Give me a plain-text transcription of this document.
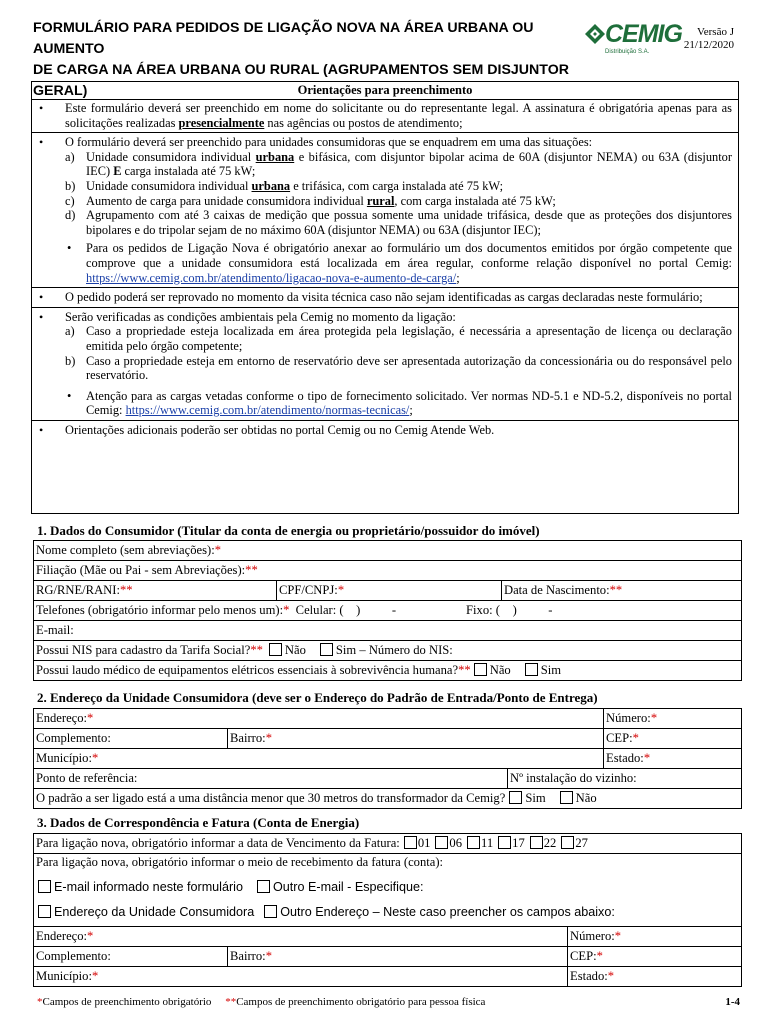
FORMULÁRIO PARA PEDIDOS DE LIGAÇÃO NOVA NA ÁREA URBANA OU AUMENTO
DE CARGA NA ÁREA URBANA OU RURAL (AGRUPAMENTOS SEM DISJUNTOR GERAL)
CEMIG
Distribuição S.A.
Versão J
21/12/2020
Orientações para preenchimento
• Este formulário deverá ser preenchido em nome do solicitante ou do representante legal. A assinatura é obrigatória apenas para as solicitações realizadas presencialmente nas agências ou postos de atendimento;
• O formulário deverá ser preenchido para unidades consumidoras que se enquadrem em uma das situações:
a) Unidade consumidora individual urbana e bifásica, com disjuntor bipolar acima de 60A (disjuntor NEMA) ou 63A (disjuntor IEC) E carga instalada até 75 kW;
b) Unidade consumidora individual urbana e trifásica, com carga instalada até 75 kW;
c) Aumento de carga para unidade consumidora individual rural, com carga instalada até 75 kW;
d) Agrupamento com até 3 caixas de medição que possua somente uma unidade trifásica, desde que as proteções dos disjuntores bipolares e do tripolar sejam de no máximo 60A (disjuntor NEMA) ou 63A (disjuntor IEC);
• Para os pedidos de Ligação Nova é obrigatório anexar ao formulário um dos documentos emitidos por órgão competente que comprove que a unidade consumidora está localizada em área regular, conforme relação disponível no portal Cemig: https://www.cemig.com.br/atendimento/ligacao-nova-e-aumento-de-carga/;
• O pedido poderá ser reprovado no momento da visita técnica caso não sejam identificadas as cargas declaradas neste formulário;
• Serão verificadas as condições ambientais pela Cemig no momento da ligação:
a) Caso a propriedade esteja localizada em área protegida pela legislação, é necessária a apresentação de licença ou declaração emitida pelo órgão competente;
b) Caso a propriedade esteja em entorno de reservatório deve ser apresentada autorização da concessionária ou do responsável pelo reservatório.
• Atenção para as cargas vetadas conforme o tipo de fornecimento solicitado. Ver normas ND-5.1 e ND-5.2, disponíveis no portal Cemig: https://www.cemig.com.br/atendimento/normas-tecnicas/;
• Orientações adicionais poderão ser obtidas no portal Cemig ou no Cemig Atende Web.
1. Dados do Consumidor (Titular da conta de energia ou proprietário/possuidor do imóvel)
Nome completo (sem abreviações):*
Filiação (Mãe ou Pai - sem Abreviações):**
RG/RNE/RANI:**	CPF/CNPJ:*	Data de Nascimento:**
Telefones (obrigatório informar pelo menos um):* Celular: (    )          -	Fixo: (    )          -
E-mail:
Possui NIS para cadastro da Tarifa Social?** Não Sim – Número do NIS:
Possui laudo médico de equipamentos elétricos essenciais à sobrevivência humana?** Não Sim
2. Endereço da Unidade Consumidora (deve ser o Endereço do Padrão de Entrada/Ponto de Entrega)
Endereço:*			Número:*
Complemento:	Bairro:*		CEP:*
Município:*			Estado:*
Ponto de referência:		Nº instalação do vizinho:	
O padrão a ser ligado está a uma distância menor que 30 metros do transformador da Cemig? Sim Não			
3. Dados de Correspondência e Fatura (Conta de Energia)
Para ligação nova, obrigatório informar a data de Vencimento da Fatura: 01 06 11 17 22 27		

Para ligação nova, obrigatório informar o meio de recebimento da fatura (conta):
E-mail informado neste formulário Outro E-mail - Especifique:
Endereço da Unidade Consumidora Outro Endereço – Neste caso preencher os campos abaixo:		

Endereço:*		Número:*
Complemento:	Bairro:*	CEP:*
Município:*		Estado:*
*Campos de preenchimento obrigatório **Campos de preenchimento obrigatório para pessoa física	1-4
